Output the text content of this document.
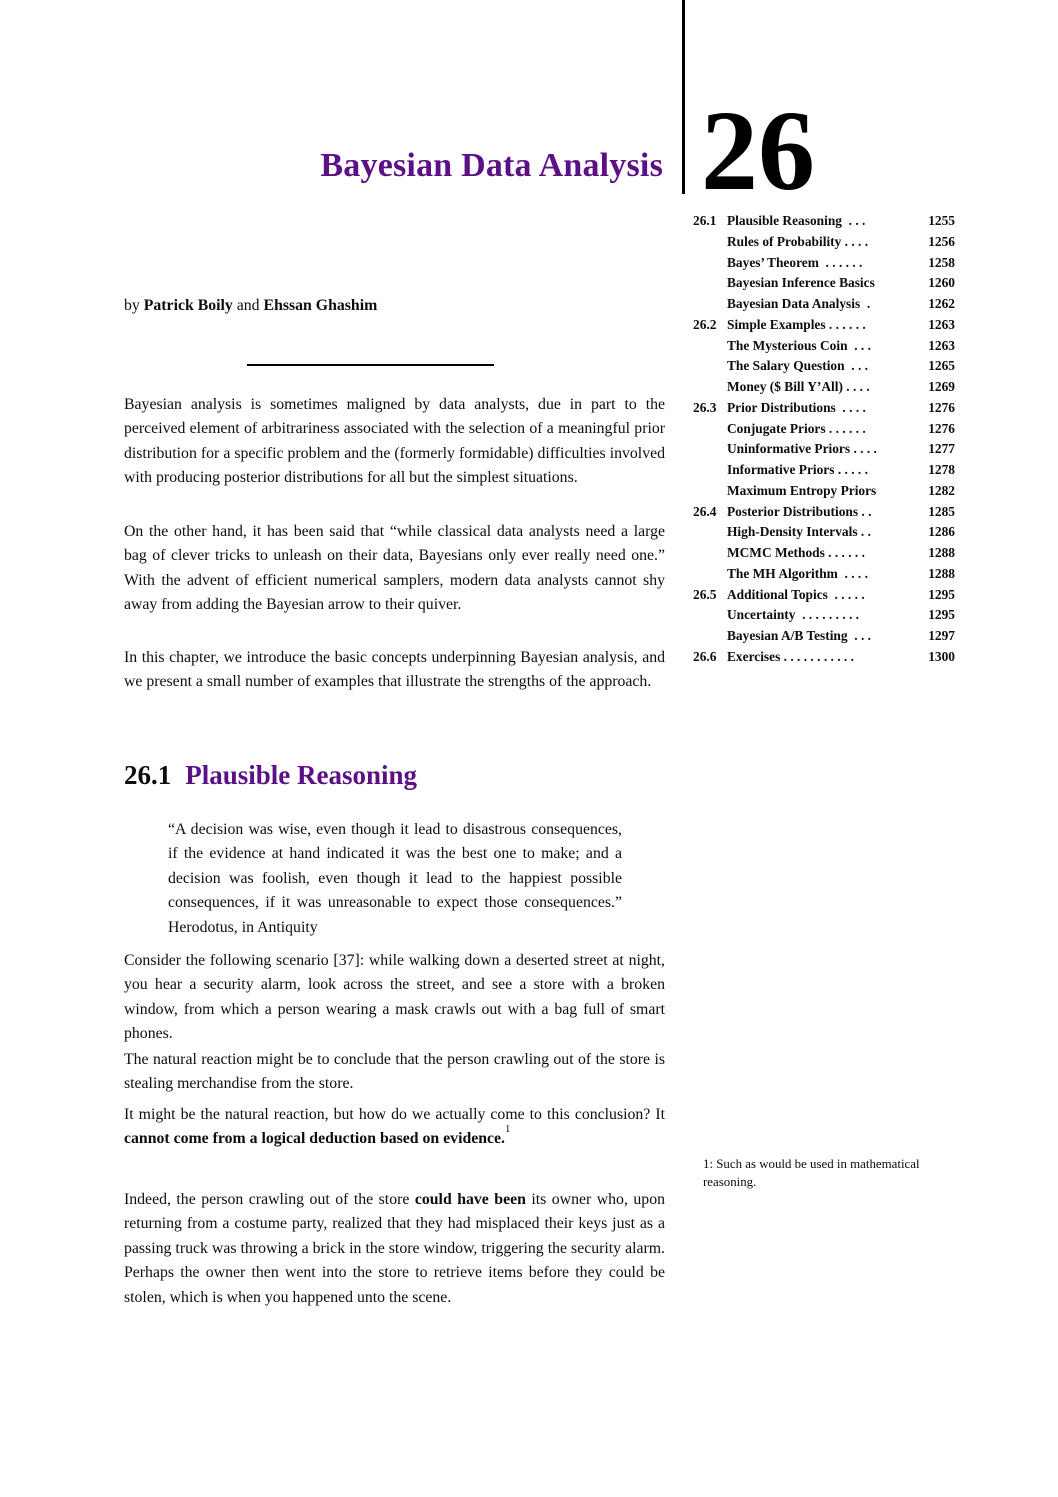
Bayesian Data Analysis 26
26.1 Plausible Reasoning  . . .	1255
Rules of Probability . . . .	1256
Bayes’ Theorem  . . . . . .	1258
Bayesian Inference Basics	1260
Bayesian Data Analysis  .	1262
26.2 Simple Examples . . . . . .	1263
The Mysterious Coin  . . .	1263
The Salary Question  . . .	1265
Money ($ Bill Y’All) . . . .	1269
26.3 Prior Distributions  . . . .	1276
Conjugate Priors . . . . . .	1276
Uninformative Priors . . . .	1277
Informative Priors . . . . .	1278
Maximum Entropy Priors	1282
26.4 Posterior Distributions . .	1285
High-Density Intervals . .	1286
MCMC Methods . . . . . .	1288
The MH Algorithm  . . . .	1288
26.5 Additional Topics  . . . . .	1295
Uncertainty  . . . . . . . . .	1295
Bayesian A/B Testing  . . .	1297
26.6 Exercises . . . . . . . . . . .	1300
by Patrick Boily and Ehssan Ghashim
Bayesian analysis is sometimes maligned by data analysts, due in part to the perceived element of arbitrariness associated with the selection of a meaningful prior distribution for a specific problem and the (formerly formidable) difficulties involved with producing posterior distributions for all but the simplest situations.
On the other hand, it has been said that “while classical data analysts need a large bag of clever tricks to unleash on their data, Bayesians only ever really need one.” With the advent of efficient numerical samplers, modern data analysts cannot shy away from adding the Bayesian arrow to their quiver.
In this chapter, we introduce the basic concepts underpinning Bayesian analysis, and we present a small number of examples that illustrate the strengths of the approach.
26.1 Plausible Reasoning
“A decision was wise, even though it lead to disastrous consequences, if the evidence at hand indicated it was the best one to make; and a decision was foolish, even though it lead to the happiest possible consequences, if it was unreasonable to expect those consequences.” Herodotus, in Antiquity
Consider the following scenario [37]: while walking down a deserted street at night, you hear a security alarm, look across the street, and see a store with a broken window, from which a person wearing a mask crawls out with a bag full of smart phones.
The natural reaction might be to conclude that the person crawling out of the store is stealing merchandise from the store.
It might be the natural reaction, but how do we actually come to this conclusion? It cannot come from a logical deduction based on evidence.$^1$
Indeed, the person crawling out of the store could have been its owner who, upon returning from a costume party, realized that they had misplaced their keys just as a passing truck was throwing a brick in the store window, triggering the security alarm. Perhaps the owner then went into the store to retrieve items before they could be stolen, which is when you happened unto the scene.
1: Such as would be used in mathematical reasoning.
